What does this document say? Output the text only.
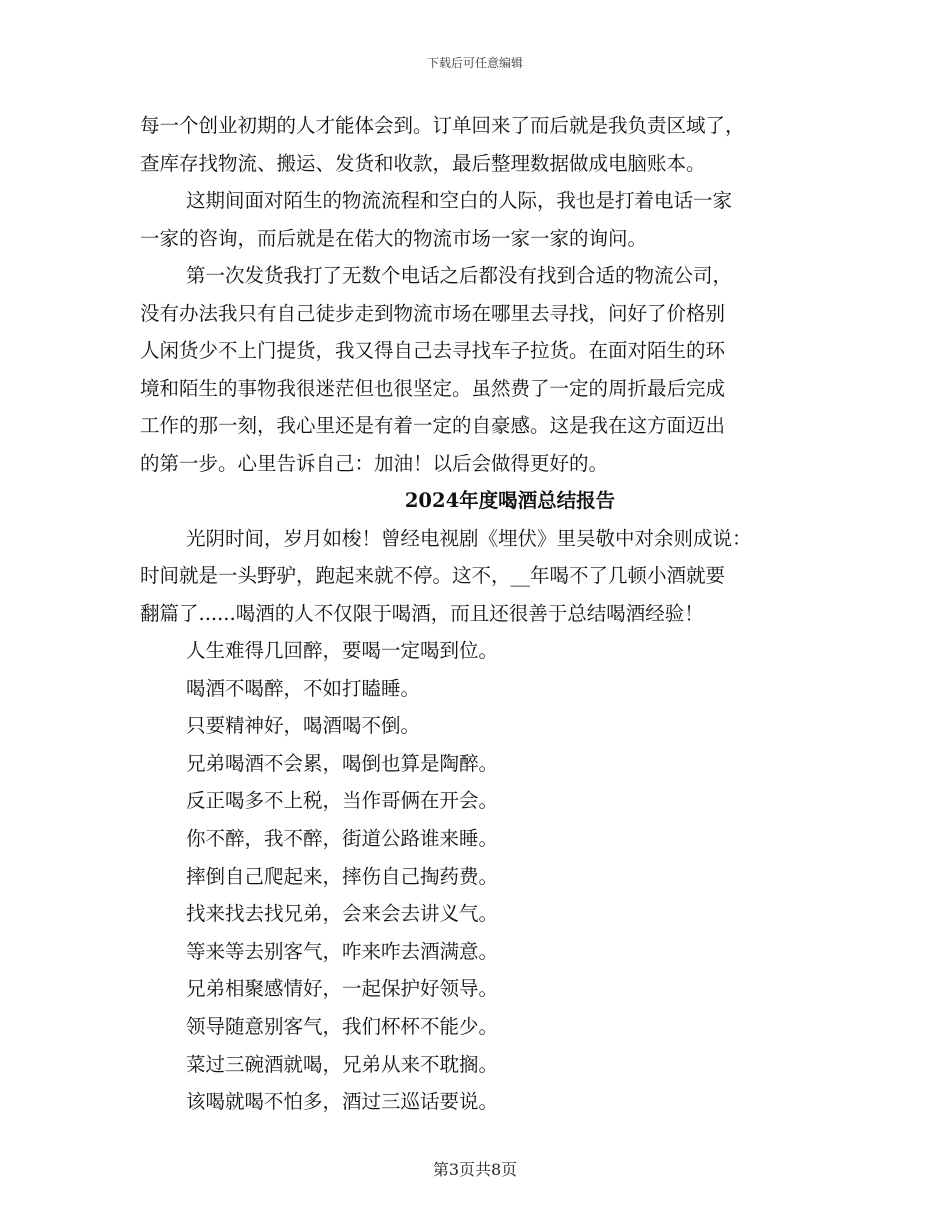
下载后可任意编辑
每一个创业初期的人才能体会到。订单回来了而后就是我负责区域了，
查库存找物流、搬运、发货和收款，最后整理数据做成电脑账本。
这期间面对陌生的物流流程和空白的人际，我也是打着电话一家
一家的咨询，而后就是在偌大的物流市场一家一家的询问。
第一次发货我打了无数个电话之后都没有找到合适的物流公司，
没有办法我只有自己徒步走到物流市场在哪里去寻找，问好了价格别
人闲货少不上门提货，我又得自己去寻找车子拉货。在面对陌生的环
境和陌生的事物我很迷茫但也很坚定。虽然费了一定的周折最后完成
工作的那一刻，我心里还是有着一定的自豪感。这是我在这方面迈出
的第一步。心里告诉自己：加油！以后会做得更好的。
2024年度喝酒总结报告
光阴时间，岁月如梭！曾经电视剧《埋伏》里吴敬中对余则成说：
时间就是一头野驴，跑起来就不停。这不，__年喝不了几顿小酒就要
翻篇了......喝酒的人不仅限于喝酒，而且还很善于总结喝酒经验！
人生难得几回醉，要喝一定喝到位。
喝酒不喝醉，不如打瞌睡。
只要精神好，喝酒喝不倒。
兄弟喝酒不会累，喝倒也算是陶醉。
反正喝多不上税，当作哥俩在开会。
你不醉，我不醉，街道公路谁来睡。
摔倒自己爬起来，摔伤自己掏药费。
找来找去找兄弟，会来会去讲义气。
等来等去别客气，咋来咋去酒满意。
兄弟相聚感情好，一起保护好领导。
领导随意别客气，我们杯杯不能少。
菜过三碗酒就喝，兄弟从来不耽搁。
该喝就喝不怕多，酒过三巡话要说。
第3页共8页
